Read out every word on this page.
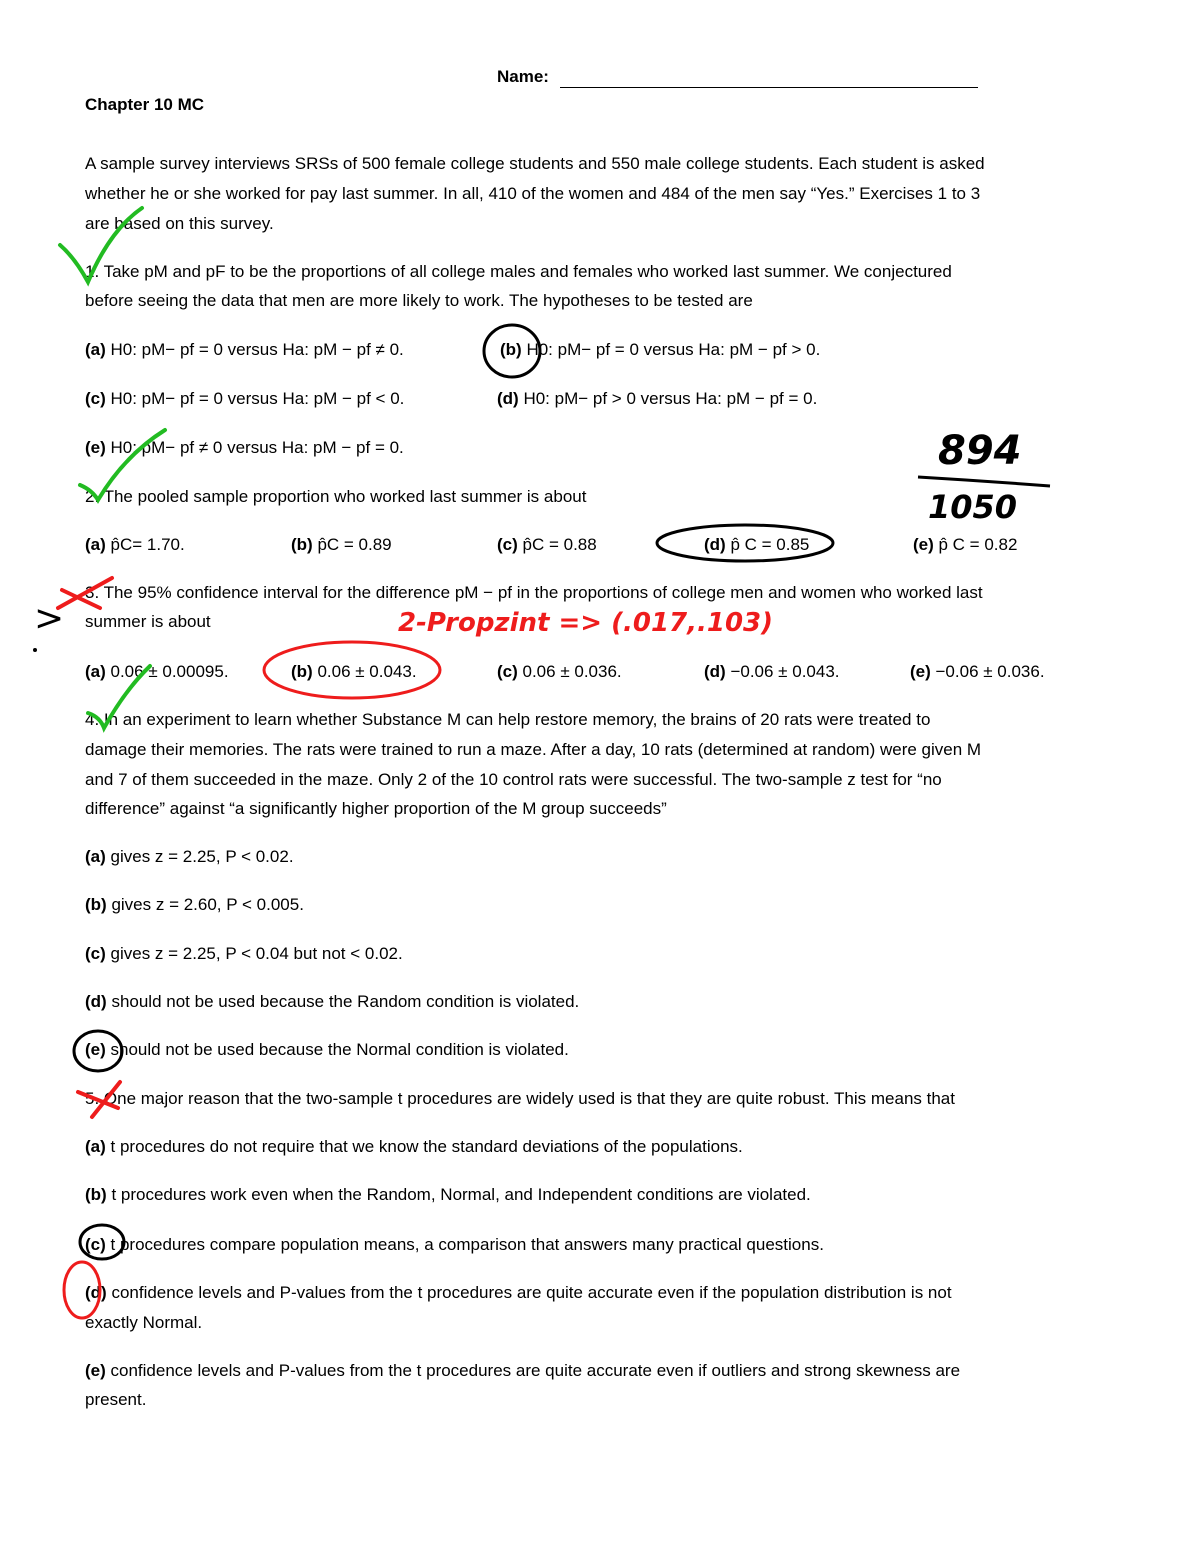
Name:
Chapter 10 MC
A sample survey interviews SRSs of 500 female college students and 550 male college students. Each student is asked
whether he or she worked for pay last summer. In all, 410 of the women and 484 of the men say “Yes.” Exercises 1 to 3
are based on this survey.
1. Take pM and pF to be the proportions of all college males and females who worked last summer. We conjectured
before seeing the data that men are more likely to work. The hypotheses to be tested are
(a) H0: pM− pf = 0 versus Ha: pM − pf ≠ 0.	(b) H0: pM− pf = 0 versus Ha: pM − pf > 0.
(c) H0: pM− pf = 0 versus Ha: pM − pf < 0.	(d) H0: pM− pf > 0 versus Ha: pM − pf = 0.
(e) H0: pM− pf ≠ 0 versus Ha: pM − pf = 0.
2. The pooled sample proportion who worked last summer is about
(a) p̂C= 1.70.	(b) p̂C = 0.89	(c) p̂C = 0.88	(d) p̂ C = 0.85	(e) p̂ C = 0.82
3. The 95% confidence interval for the difference pM − pf in the proportions of college men and women who worked last
summer is about
(a) 0.06 ± 0.00095.	(b) 0.06 ± 0.043.	(c) 0.06 ± 0.036.	(d) −0.06 ± 0.043.	(e) −0.06 ± 0.036.
4. In an experiment to learn whether Substance M can help restore memory, the brains of 20 rats were treated to
damage their memories. The rats were trained to run a maze. After a day, 10 rats (determined at random) were given M
and 7 of them succeeded in the maze. Only 2 of the 10 control rats were successful. The two-sample z test for “no
difference” against “a significantly higher proportion of the M group succeeds”
(a) gives z = 2.25, P < 0.02.
(b) gives z = 2.60, P < 0.005.
(c) gives z = 2.25, P < 0.04 but not < 0.02.
(d) should not be used because the Random condition is violated.
(e) should not be used because the Normal condition is violated.
5. One major reason that the two-sample t procedures are widely used is that they are quite robust. This means that
(a) t procedures do not require that we know the standard deviations of the populations.
(b) t procedures work even when the Random, Normal, and Independent conditions are violated.
(c) t procedures compare population means, a comparison that answers many practical questions.
(d) confidence levels and P-values from the t procedures are quite accurate even if the population distribution is not
exactly Normal.
(e) confidence levels and P-values from the t procedures are quite accurate even if outliers and strong skewness are
present.
894
1050
2-Propzint => (.017,.103)
>
